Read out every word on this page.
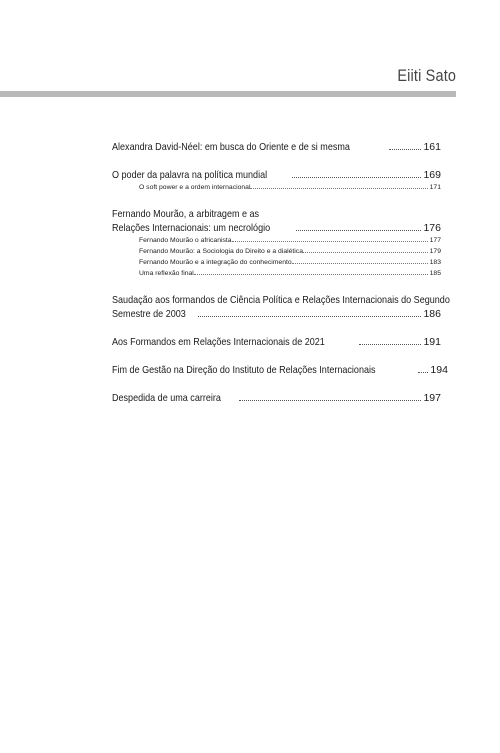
Eiiti Sato
Alexandra David-Néel: em busca do Oriente e de si mesma	161
O poder da palavra na política mundial	169
O soft power e a ordem internacional	171
Fernando Mourão, a arbitragem e as
Relações Internacionais: um necrológio	176
Fernando Mourão o africanista	177
Fernando Mourão: a Sociologia do Direito e a dialética	179
Fernando Mourão e a integração do conhecimento	183
Uma reflexão final	185
Saudação aos formandos de Ciência Política e Relações Internacionais do Segundo
Semestre de 2003	186
Aos Formandos em Relações Internacionais de 2021	191
Fim de Gestão na Direção do Instituto de Relações Internacionais	194
Despedida de uma carreira	197
